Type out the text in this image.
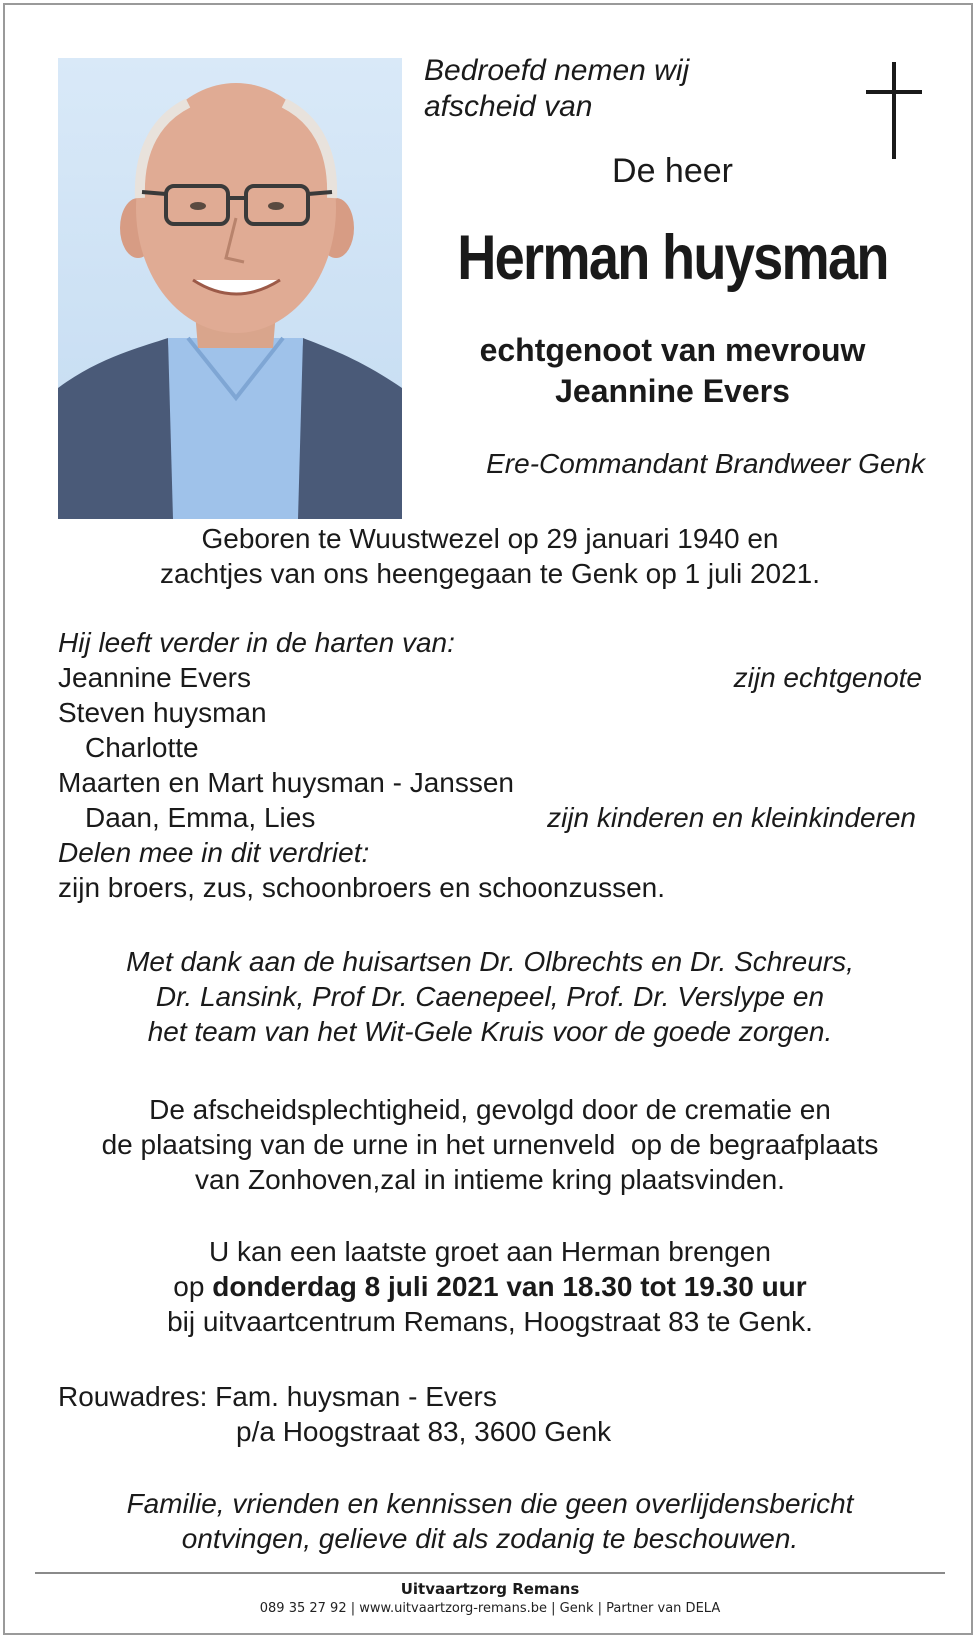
Bedroefd nemen wij
afscheid van
De heer
Herman huysman
echtgenoot van mevrouw
Jeannine Evers
Ere-Commandant Brandweer Genk
Geboren te Wuustwezel op 29 januari 1940 en
zachtjes van ons heengegaan te Genk op 1 juli 2021.
Hij leeft verder in de harten van:
Jeannine Evers	zijn echtgenote
Steven huysman
Charlotte
Maarten en Mart huysman - Janssen
Daan, Emma, Lies	zijn kinderen en kleinkinderen
Delen mee in dit verdriet:
zijn broers, zus, schoonbroers en schoonzussen.
Met dank aan de huisartsen Dr. Olbrechts en Dr. Schreurs,
Dr. Lansink, Prof Dr. Caenepeel, Prof. Dr. Verslype en
het team van het Wit-Gele Kruis voor de goede zorgen.
De afscheidsplechtigheid, gevolgd door de crematie en
de plaatsing van de urne in het urnenveld  op de begraafplaats
van Zonhoven,zal in intieme kring plaatsvinden.
U kan een laatste groet aan Herman brengen
op donderdag 8 juli 2021 van 18.30 tot 19.30 uur
bij uitvaartcentrum Remans, Hoogstraat 83 te Genk.
Rouwadres: Fam. huysman - Evers
p/a Hoogstraat 83, 3600 Genk
Familie, vrienden en kennissen die geen overlijdensbericht
ontvingen, gelieve dit als zodanig te beschouwen.
Uitvaartzorg Remans
089 35 27 92 | www.uitvaartzorg-remans.be | Genk | Partner van DELA
